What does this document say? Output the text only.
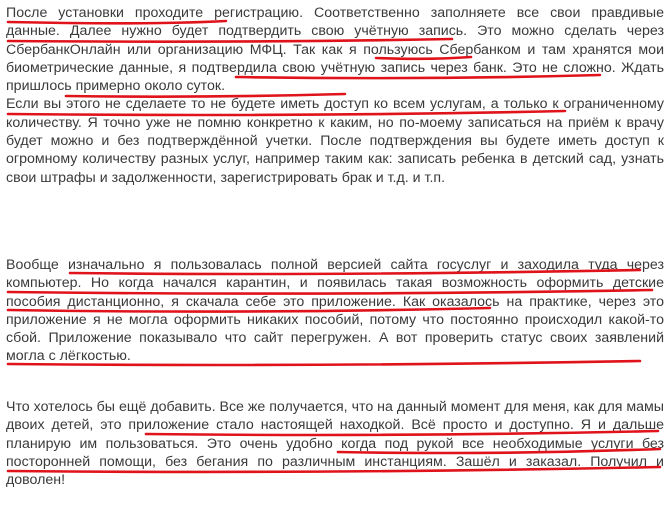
После установки проходите регистрацию. Соответственно заполняете все свои правдивые данные. Далее нужно будет подтвердить свою учётную запись. Это можно сделать через СбербанкОнлайн или организацию МФЦ. Так как я пользуюсь Сбербанком и там хранятся мои биометрические данные, я подтвердила свою учётную запись через банк. Это не сложно. Ждать пришлось примерно около суток.
Если вы этого не сделаете то не будете иметь доступ ко всем услугам, а только к ограниченному количеству. Я точно уже не помню конкретно к каким, но по-моему записаться на приём к врачу будет можно и без подтверждённой учетки. После подтверждения вы будете иметь доступ к огромному количеству разных услуг, например таким как: записать ребенка в детский сад, узнать свои штрафы и задолженности, зарегистрировать брак и т.д. и т.п.
Вообще изначально я пользовалась полной версией сайта госуслуг и заходила туда через компьютер. Но когда начался карантин, и появилась такая возможность оформить детские пособия дистанционно, я скачала себе это приложение. Как оказалось на практике, через это приложение я не могла оформить никаких пособий, потому что постоянно происходил какой-то сбой. Приложение показывало что сайт перегружен. А вот проверить статус своих заявлений могла с лёгкостью.
Что хотелось бы ещё добавить. Все же получается, что на данный момент для меня, как для мамы двоих детей, это приложение стало настоящей находкой. Всё просто и доступно. Я и дальше планирую им пользоваться. Это очень удобно когда под рукой все необходимые услуги без посторонней помощи, без бегания по различным инстанциям. Зашёл и заказал. Получил и доволен!
